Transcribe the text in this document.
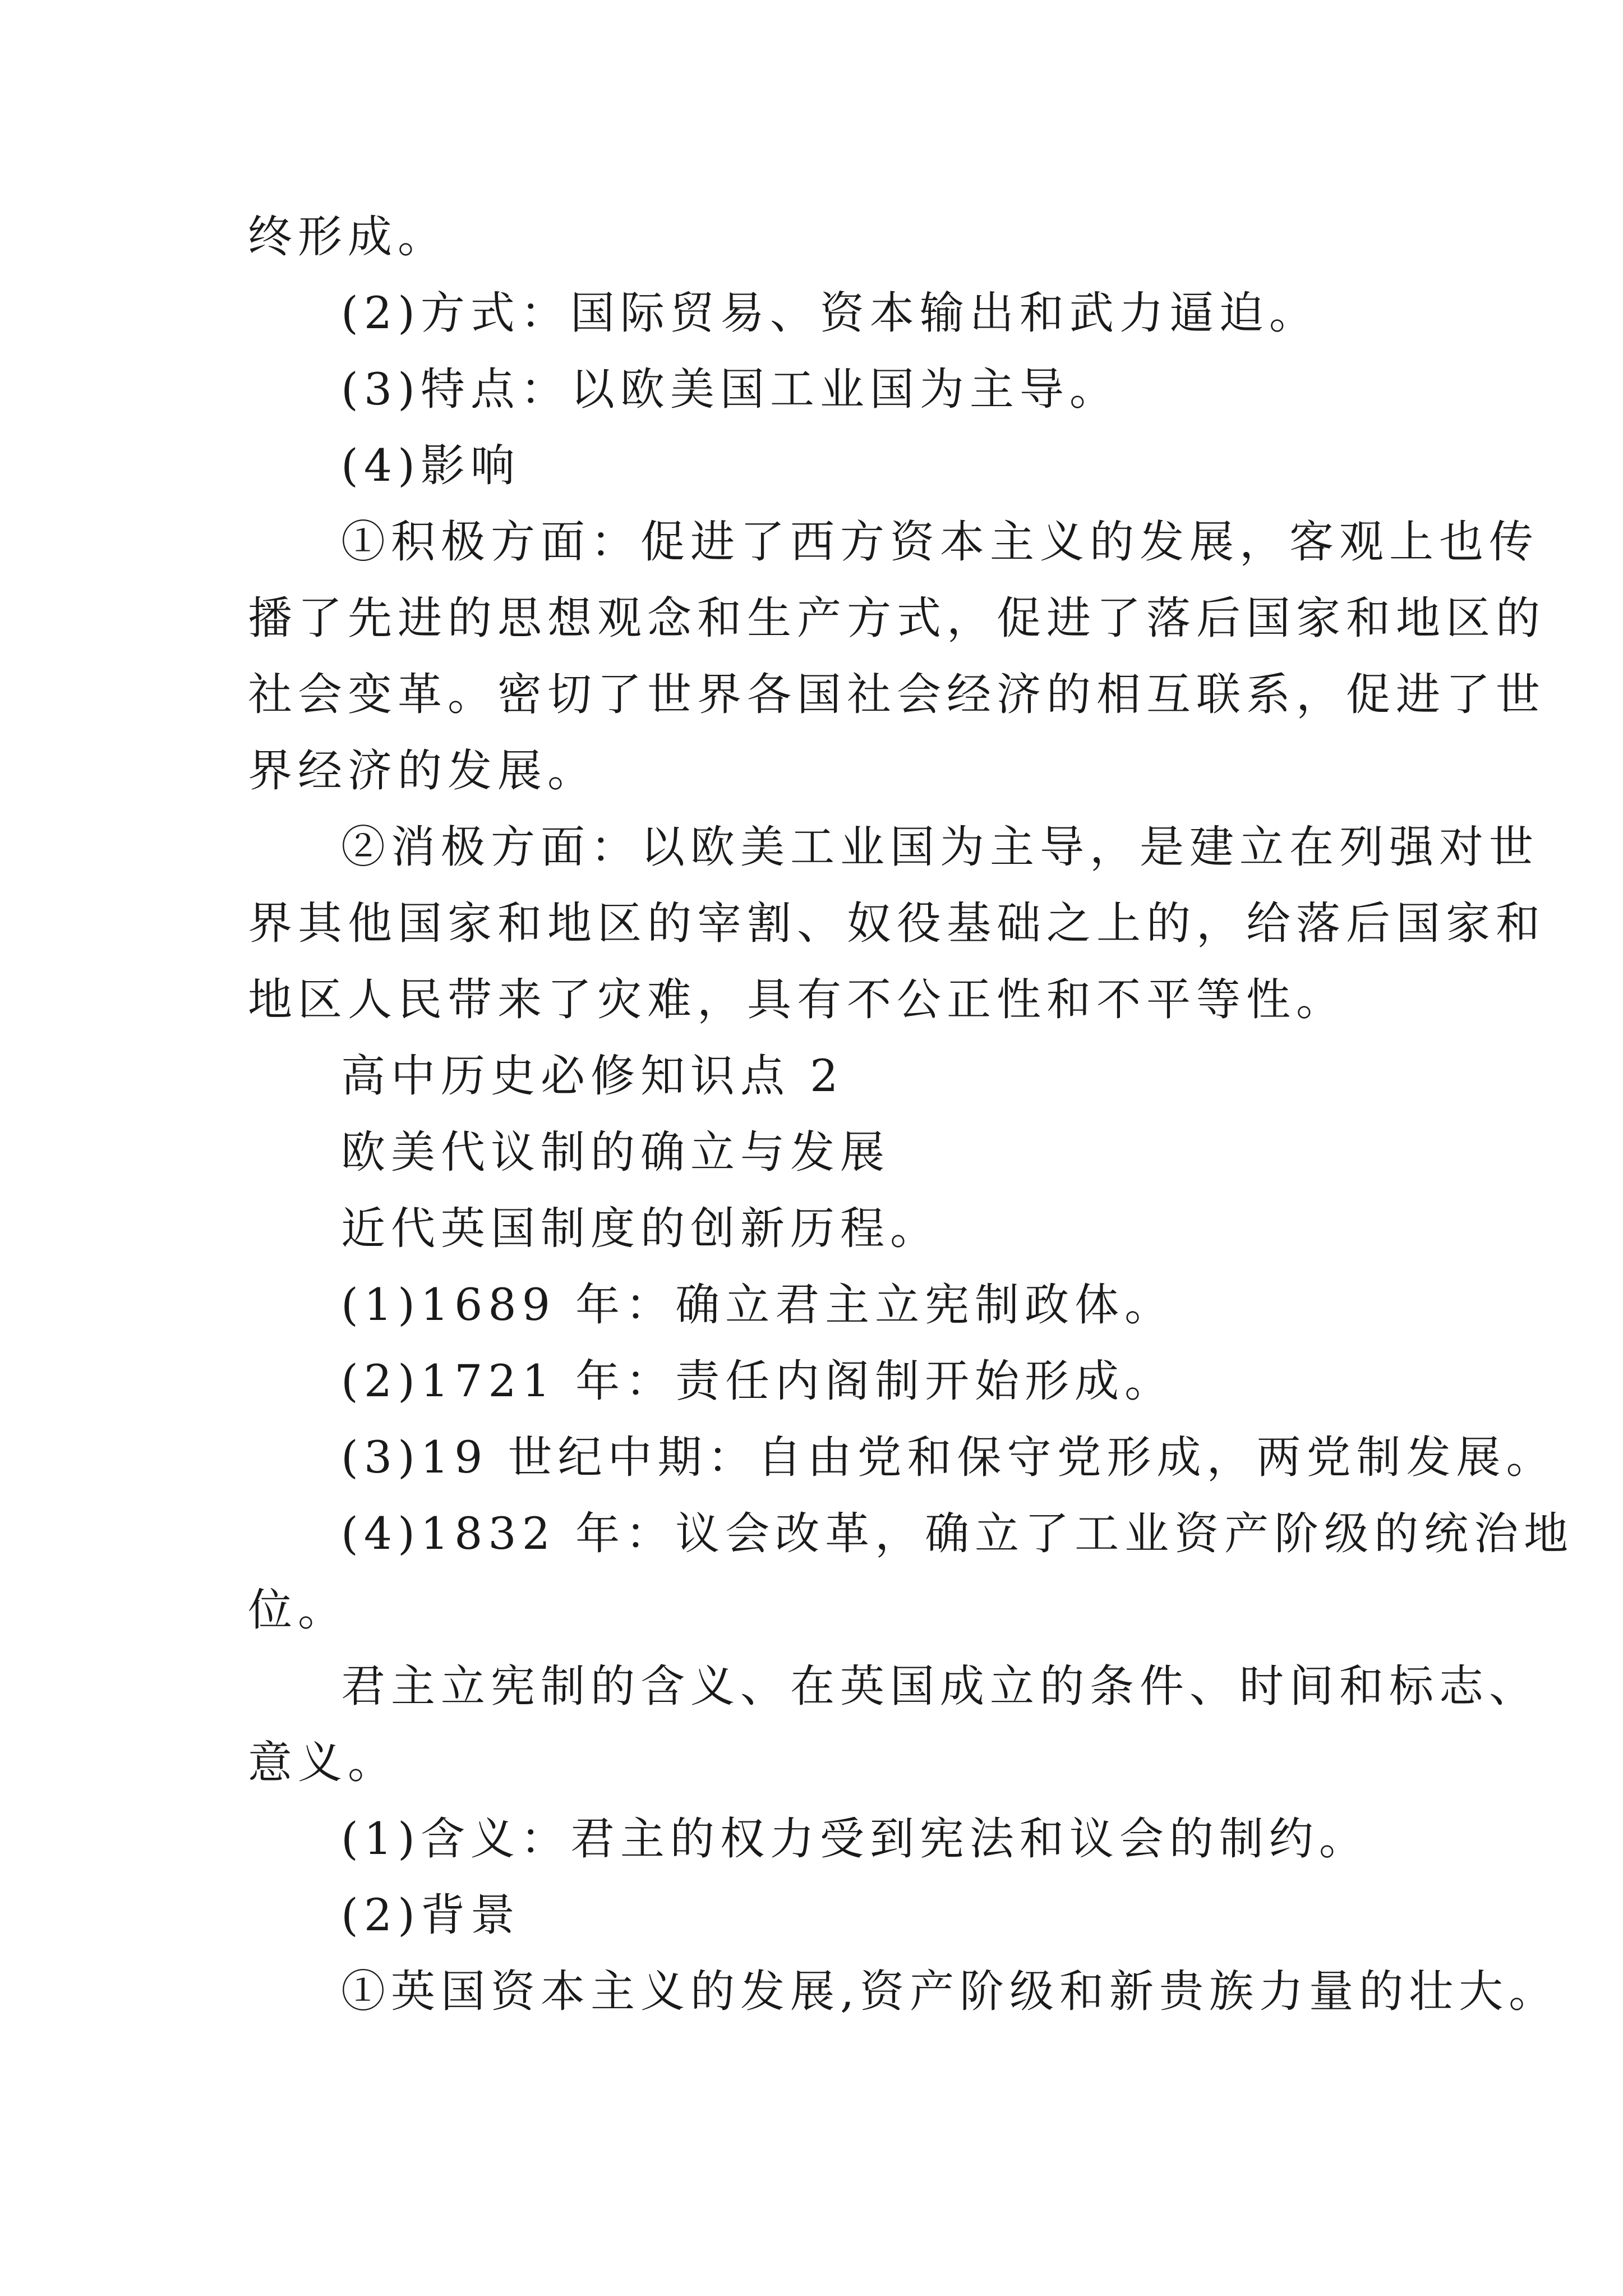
终形成。
(2)方式：国际贸易、资本输出和武力逼迫。
(3)特点：以欧美国工业国为主导。
(4)影响
①积极方面：促进了西方资本主义的发展，客观上也传
播了先进的思想观念和生产方式，促进了落后国家和地区的
社会变革。密切了世界各国社会经济的相互联系，促进了世
界经济的发展。
②消极方面：以欧美工业国为主导，是建立在列强对世
界其他国家和地区的宰割、奴役基础之上的，给落后国家和
地区人民带来了灾难，具有不公正性和不平等性。
高中历史必修知识点 2
欧美代议制的确立与发展
近代英国制度的创新历程。
(1)1689 年：确立君主立宪制政体。
(2)1721 年：责任内阁制开始形成。
(3)19 世纪中期：自由党和保守党形成，两党制发展。
(4)1832 年：议会改革，确立了工业资产阶级的统治地
位。
君主立宪制的含义、在英国成立的条件、时间和标志、
意义。
(1)含义：君主的权力受到宪法和议会的制约。
(2)背景
①英国资本主义的发展,资产阶级和新贵族力量的壮大。
